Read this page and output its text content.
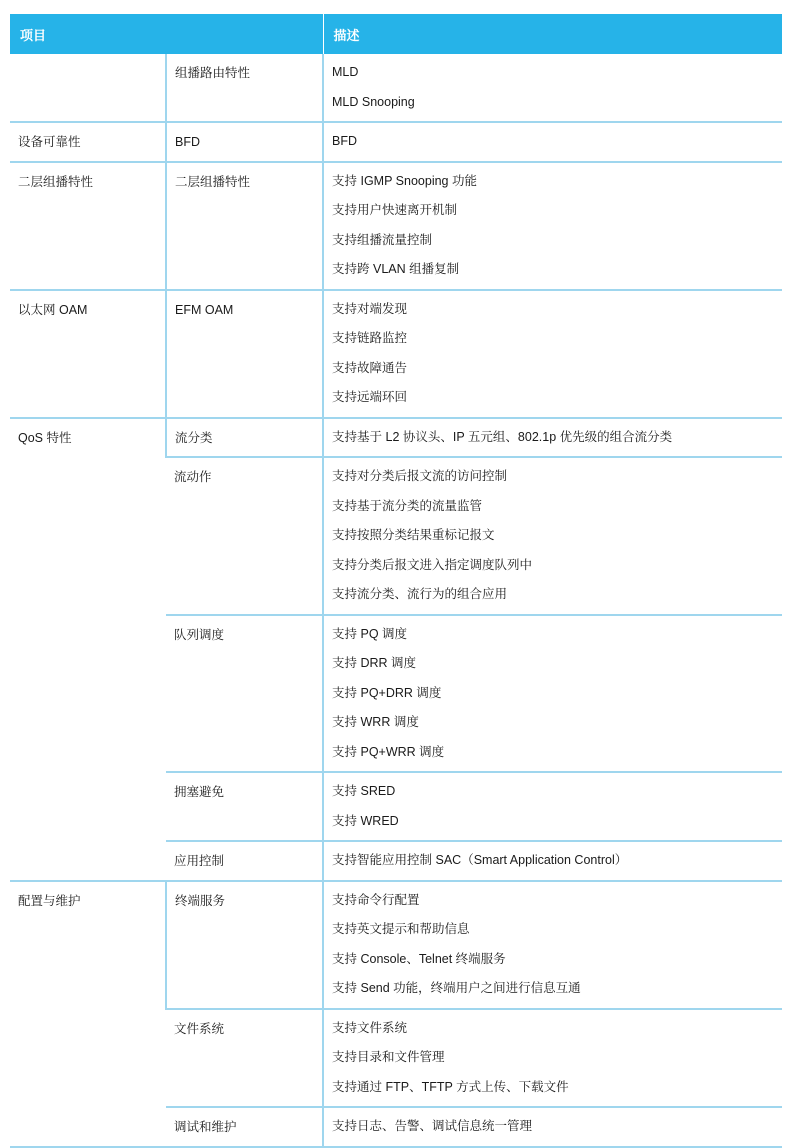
项目		描述

	组播路由特性	MLD
MLD Snooping

设备可靠性	BFD	BFD

二层组播特性	二层组播特性	支持 IGMP Snooping 功能
支持用户快速离开机制
支持组播流量控制
支持跨 VLAN 组播复制

以太网 OAM	EFM OAM	支持对端发现
支持链路监控
支持故障通告
支持远端环回

QoS 特性	流分类	支持基于 L2 协议头、IP 五元组、802.1p 优先级的组合流分类

	流动作	支持对分类后报文流的访问控制
支持基于流分类的流量监管
支持按照分类结果重标记报文
支持分类后报文进入指定调度队列中
支持流分类、流行为的组合应用

	队列调度	支持 PQ 调度
支持 DRR 调度
支持 PQ+DRR 调度
支持 WRR 调度
支持 PQ+WRR 调度

	拥塞避免	支持 SRED
支持 WRED

	应用控制	支持智能应用控制 SAC（Smart Application Control）

配置与维护	终端服务	支持命令行配置
支持英文提示和帮助信息
支持 Console、Telnet 终端服务
支持 Send 功能，终端用户之间进行信息互通

	文件系统	支持文件系统
支持目录和文件管理
支持通过 FTP、TFTP 方式上传、下载文件

	调试和维护	支持日志、告警、调试信息统一管理
